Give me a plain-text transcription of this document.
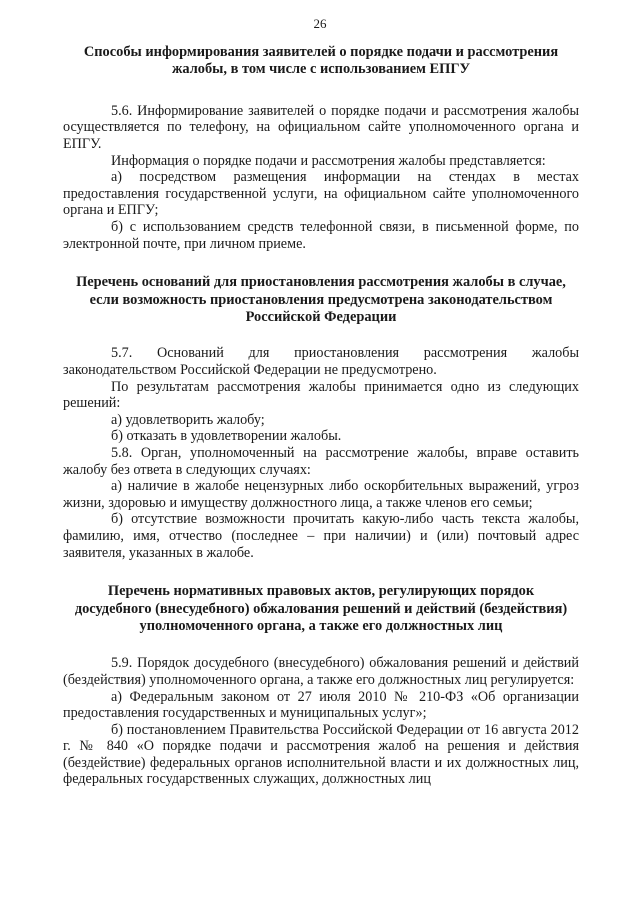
26
Способы информирования заявителей о порядке подачи и рассмотрения жалобы, в том числе с использованием ЕПГУ

5.6. Информирование заявителей о порядке подачи и рассмотрения жалобы осуществляется по телефону, на официальном сайте уполномоченного органа и ЕПГУ.

Информация о порядке подачи и рассмотрения жалобы представляется:

а) посредством размещения информации на стендах в местах предоставления государственной услуги, на официальном сайте уполномоченного органа и ЕПГУ;

б) с использованием средств телефонной связи, в письменной форме, по электронной почте, при личном приеме.

Перечень оснований для приостановления рассмотрения жалобы в случае, если возможность приостановления предусмотрена законодательством Российской Федерации

5.7. Оснований для приостановления рассмотрения жалобы законодательством Российской Федерации не предусмотрено.

По результатам рассмотрения жалобы принимается одно из следующих решений:

а) удовлетворить жалобу;

б) отказать в удовлетворении жалобы.

5.8. Орган, уполномоченный на рассмотрение жалобы, вправе оставить жалобу без ответа в следующих случаях:

а) наличие в жалобе нецензурных либо оскорбительных выражений, угроз жизни, здоровью и имуществу должностного лица, а также членов его семьи;

б) отсутствие возможности прочитать какую-либо часть текста жалобы, фамилию, имя, отчество (последнее – при наличии) и (или) почтовый адрес заявителя, указанных в жалобе.

Перечень нормативных правовых актов, регулирующих порядок досудебного (внесудебного) обжалования решений и действий (бездействия) уполномоченного органа, а также его должностных лиц

5.9. Порядок досудебного (внесудебного) обжалования решений и действий (бездействия) уполномоченного органа, а также его должностных лиц регулируется:

а) Федеральным законом от 27 июля 2010 № 210-ФЗ «Об организации предоставления государственных и муниципальных услуг»;

б) постановлением Правительства Российской Федерации от 16 августа 2012 г. № 840 «О порядке подачи и рассмотрения жалоб на решения и действия (бездействие) федеральных органов исполнительной власти и их должностных лиц, федеральных государственных служащих, должностных лиц
